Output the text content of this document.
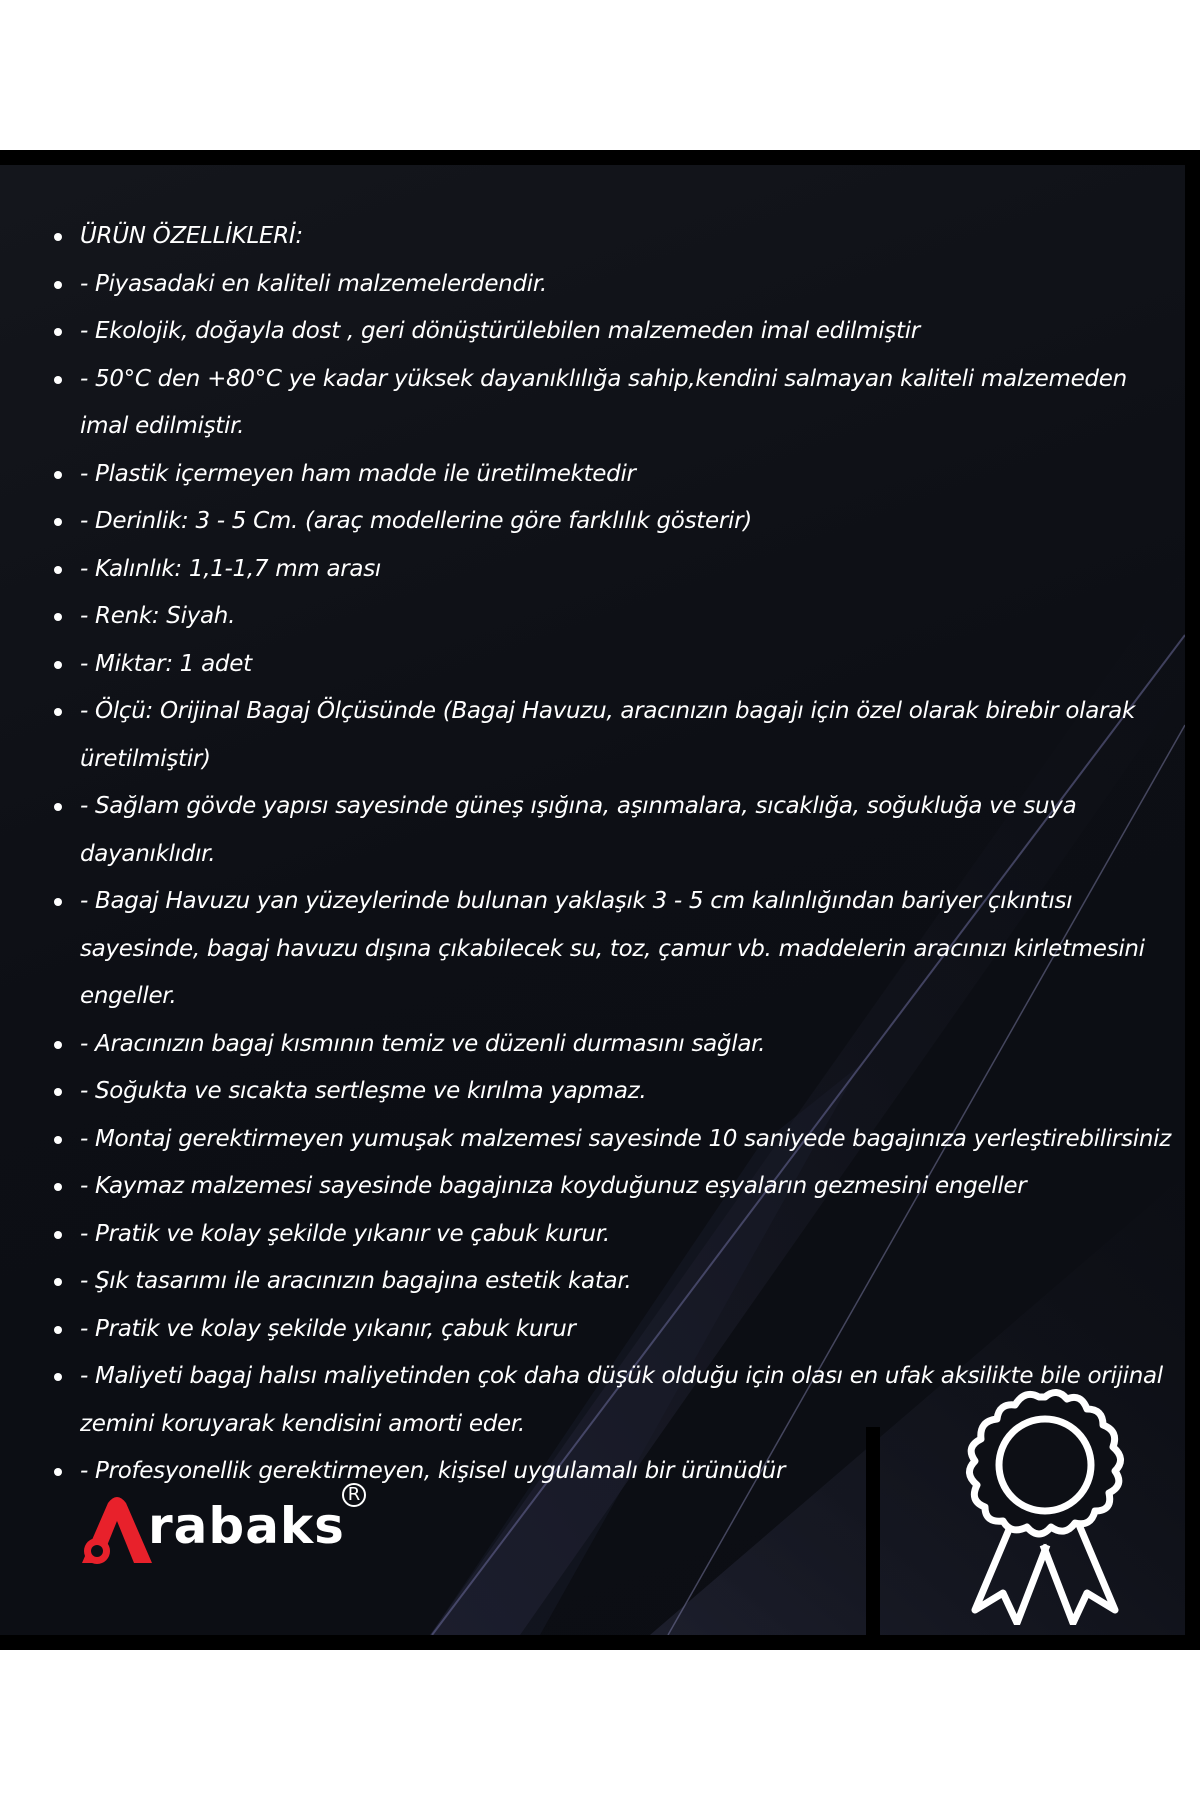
ÜRÜN ÖZELLİKLERİ:
- Piyasadaki en kaliteli malzemelerdendir.
- Ekolojik, doğayla dost , geri dönüştürülebilen malzemeden imal edilmiştir
- 50°C den +80°C ye kadar yüksek dayanıklılığa sahip,kendini salmayan kaliteli malzemeden imal edilmiştir.
- Plastik içermeyen ham madde ile üretilmektedir
- Derinlik: 3 - 5 Cm. (araç modellerine göre farklılık gösterir)
- Kalınlık: 1,1-1,7 mm arası
- Renk: Siyah.
- Miktar: 1 adet
- Ölçü: Orijinal Bagaj Ölçüsünde (Bagaj Havuzu, aracınızın bagajı için özel olarak birebir olarak üretilmiştir)
- Sağlam gövde yapısı sayesinde güneş ışığına, aşınmalara, sıcaklığa, soğukluğa ve suya dayanıklıdır.
- Bagaj Havuzu yan yüzeylerinde bulunan yaklaşık 3 - 5 cm kalınlığından bariyer çıkıntısı sayesinde, bagaj havuzu dışına çıkabilecek su, toz, çamur vb. maddelerin aracınızı kirletmesini engeller.
- Aracınızın bagaj kısmının temiz ve düzenli durmasını sağlar.
- Soğukta ve sıcakta sertleşme ve kırılma yapmaz.
- Montaj gerektirmeyen yumuşak malzemesi sayesinde 10 saniyede bagajınıza yerleştirebilirsiniz
- Kaymaz malzemesi sayesinde bagajınıza koyduğunuz eşyaların gezmesini engeller
- Pratik ve kolay şekilde yıkanır ve çabuk kurur.
- Şık tasarımı ile aracınızın bagajına estetik katar.
- Pratik ve kolay şekilde yıkanır, çabuk kurur
- Maliyeti bagaj halısı maliyetinden çok daha düşük olduğu için olası en ufak aksilikte bile orijinal zemini koruyarak kendisini amorti eder.
- Profesyonellik gerektirmeyen, kişisel uygulamalı bir ürünüdür
rabaks
R
